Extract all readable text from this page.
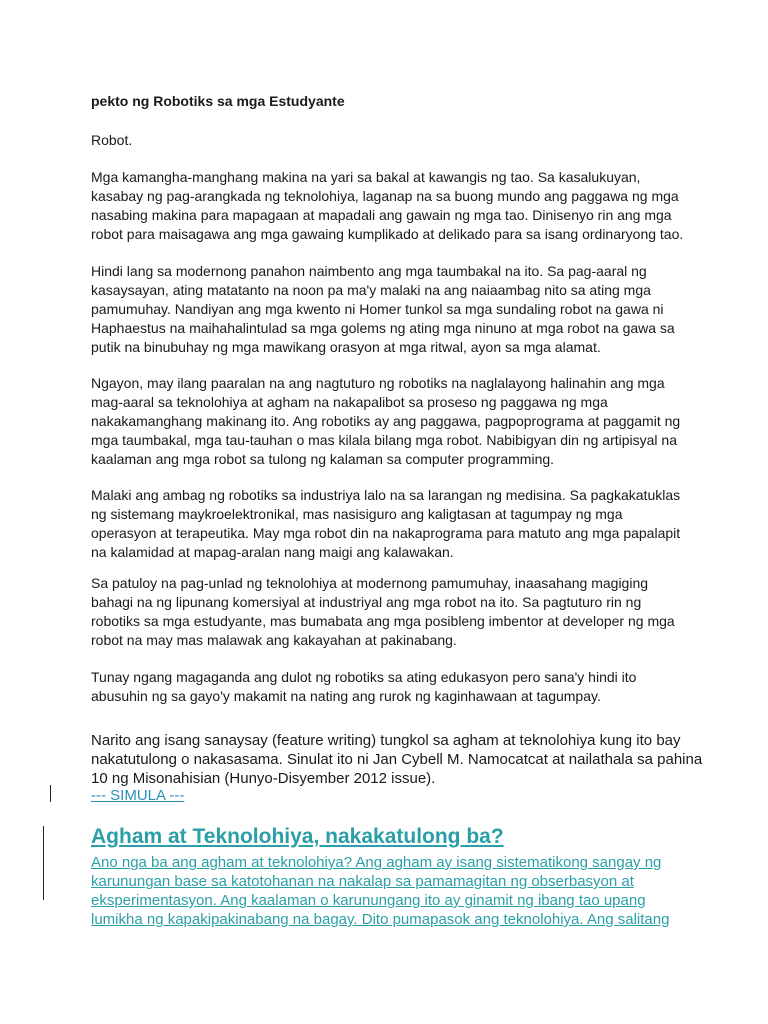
pekto ng Robotiks sa mga Estudyante

Robot.

Mga kamangha-manghang makina na yari sa bakal at kawangis ng tao. Sa kasalukuyan, kasabay ng pag-arangkada ng teknolohiya, laganap na sa buong mundo ang paggawa ng mga nasabing makina para mapagaan at mapadali ang gawain ng mga tao. Dinisenyo rin ang mga robot para maisagawa ang mga gawaing kumplikado at delikado para sa isang ordinaryong tao.

Hindi lang sa modernong panahon naimbento ang mga taumbakal na ito. Sa pag-aaral ng kasaysayan, ating matatanto na noon pa ma'y malaki na ang naiaambag nito sa ating mga pamumuhay. Nandiyan ang mga kwento ni Homer tunkol sa mga sundaling robot na gawa ni Haphaestus na maihahalintulad sa mga golems ng ating mga ninuno at mga robot na gawa sa putik na binubuhay ng mga mawikang orasyon at mga ritwal, ayon sa mga alamat.

Ngayon, may ilang paaralan na ang nagtuturo ng robotiks na naglalayong halinahin ang mga mag-aaral sa teknolohiya at agham na nakapalibot sa proseso ng paggawa ng mga nakakamanghang makinang ito. Ang robotiks ay ang paggawa, pagpoprograma at paggamit ng mga taumbakal, mga tau-tauhan o mas kilala bilang mga robot. Nabibigyan din ng artipisyal na kaalaman ang mga robot sa tulong ng kalaman sa computer programming.

Malaki ang ambag ng robotiks sa industriya lalo na sa larangan ng medisina. Sa pagkakatuklas ng sistemang maykroelektronikal, mas nasisiguro ang kaligtasan at tagumpay ng mga operasyon at terapeutika. May mga robot din na nakaprograma para matuto ang mga papalapit na kalamidad at mapag-aralan nang maigi ang kalawakan.

Sa patuloy na pag-unlad ng teknolohiya at modernong pamumuhay, inaasahang magiging bahagi na ng lipunang komersiyal at industriyal ang mga robot na ito. Sa pagtuturo rin ng robotiks sa mga estudyante, mas bumabata ang mga posibleng imbentor at developer ng mga robot na may mas malawak ang kakayahan at pakinabang.

Tunay ngang magaganda ang dulot ng robotiks sa ating edukasyon pero sana'y hindi ito abusuhin ng sa gayo'y makamit na nating ang rurok ng kaginhawaan at tagumpay.

Narito ang isang sanaysay (feature writing) tungkol sa agham at teknolohiya kung ito bay nakatutulong o nakasasama. Sinulat ito ni Jan Cybell M. Namocatcat at nailathala sa pahina 10 ng Misonahisian (Hunyo-Disyember 2012 issue).

--- SIMULA ---
Agham at Teknolohiya, nakakatulong ba?

Ano nga ba ang agham at teknolohiya? Ang agham ay isang sistematikong sangay ng karunungan base sa katotohanan na nakalap sa pamamagitan ng obserbasyon at eksperimentasyon. Ang kaalaman o karunungang ito ay ginamit ng ibang tao upang lumikha ng kapakipakinabang na bagay. Dito pumapasok ang teknolohiya. Ang salitang
